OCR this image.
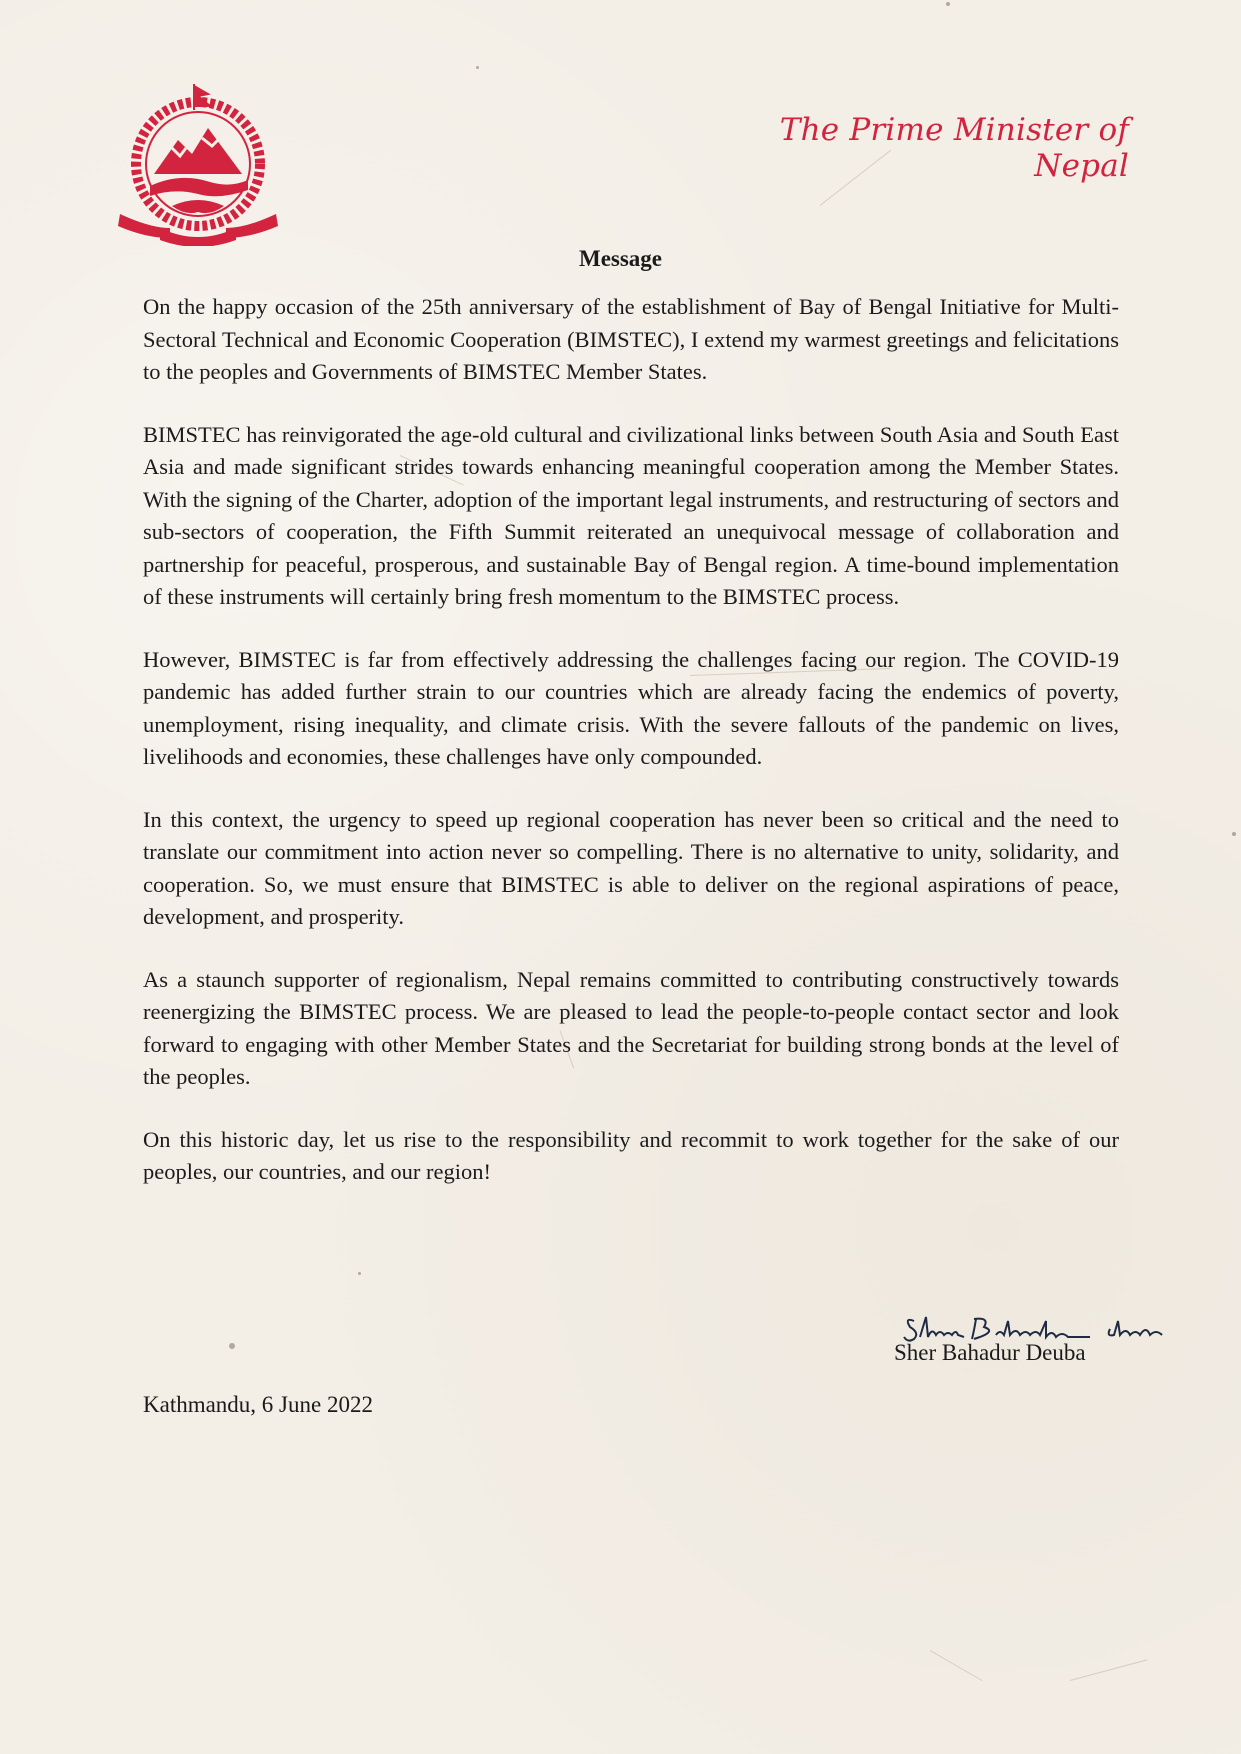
The Prime Minister of Nepal
Message

On the happy occasion of the 25th anniversary of the establishment of Bay of Bengal Initiative for Multi-Sectoral Technical and Economic Cooperation (BIMSTEC), I extend my warmest greetings and felicitations to the peoples and Governments of BIMSTEC Member States.

BIMSTEC has reinvigorated the age-old cultural and civilizational links between South Asia and South East Asia and made significant strides towards enhancing meaningful cooperation among the Member States. With the signing of the Charter, adoption of the important legal instruments, and restructuring of sectors and sub-sectors of cooperation, the Fifth Summit reiterated an unequivocal message of collaboration and partnership for peaceful, prosperous, and sustainable Bay of Bengal region. A time-bound implementation of these instruments will certainly bring fresh momentum to the BIMSTEC process.

However, BIMSTEC is far from effectively addressing the challenges facing our region. The COVID-19 pandemic has added further strain to our countries which are already facing the endemics of poverty, unemployment, rising inequality, and climate crisis. With the severe fallouts of the pandemic on lives, livelihoods and economies, these challenges have only compounded.

In this context, the urgency to speed up regional cooperation has never been so critical and the need to translate our commitment into action never so compelling. There is no alternative to unity, solidarity, and cooperation. So, we must ensure that BIMSTEC is able to deliver on the regional aspirations of peace, development, and prosperity.

As a staunch supporter of regionalism, Nepal remains committed to contributing constructively towards reenergizing the BIMSTEC process. We are pleased to lead the people-to-people contact sector and look forward to engaging with other Member States and the Secretariat for building strong bonds at the level of the peoples.

On this historic day, let us rise to the responsibility and recommit to work together for the sake of our peoples, our countries, and our region!

Sher Bahadur Deuba
Kathmandu, 6 June 2022
